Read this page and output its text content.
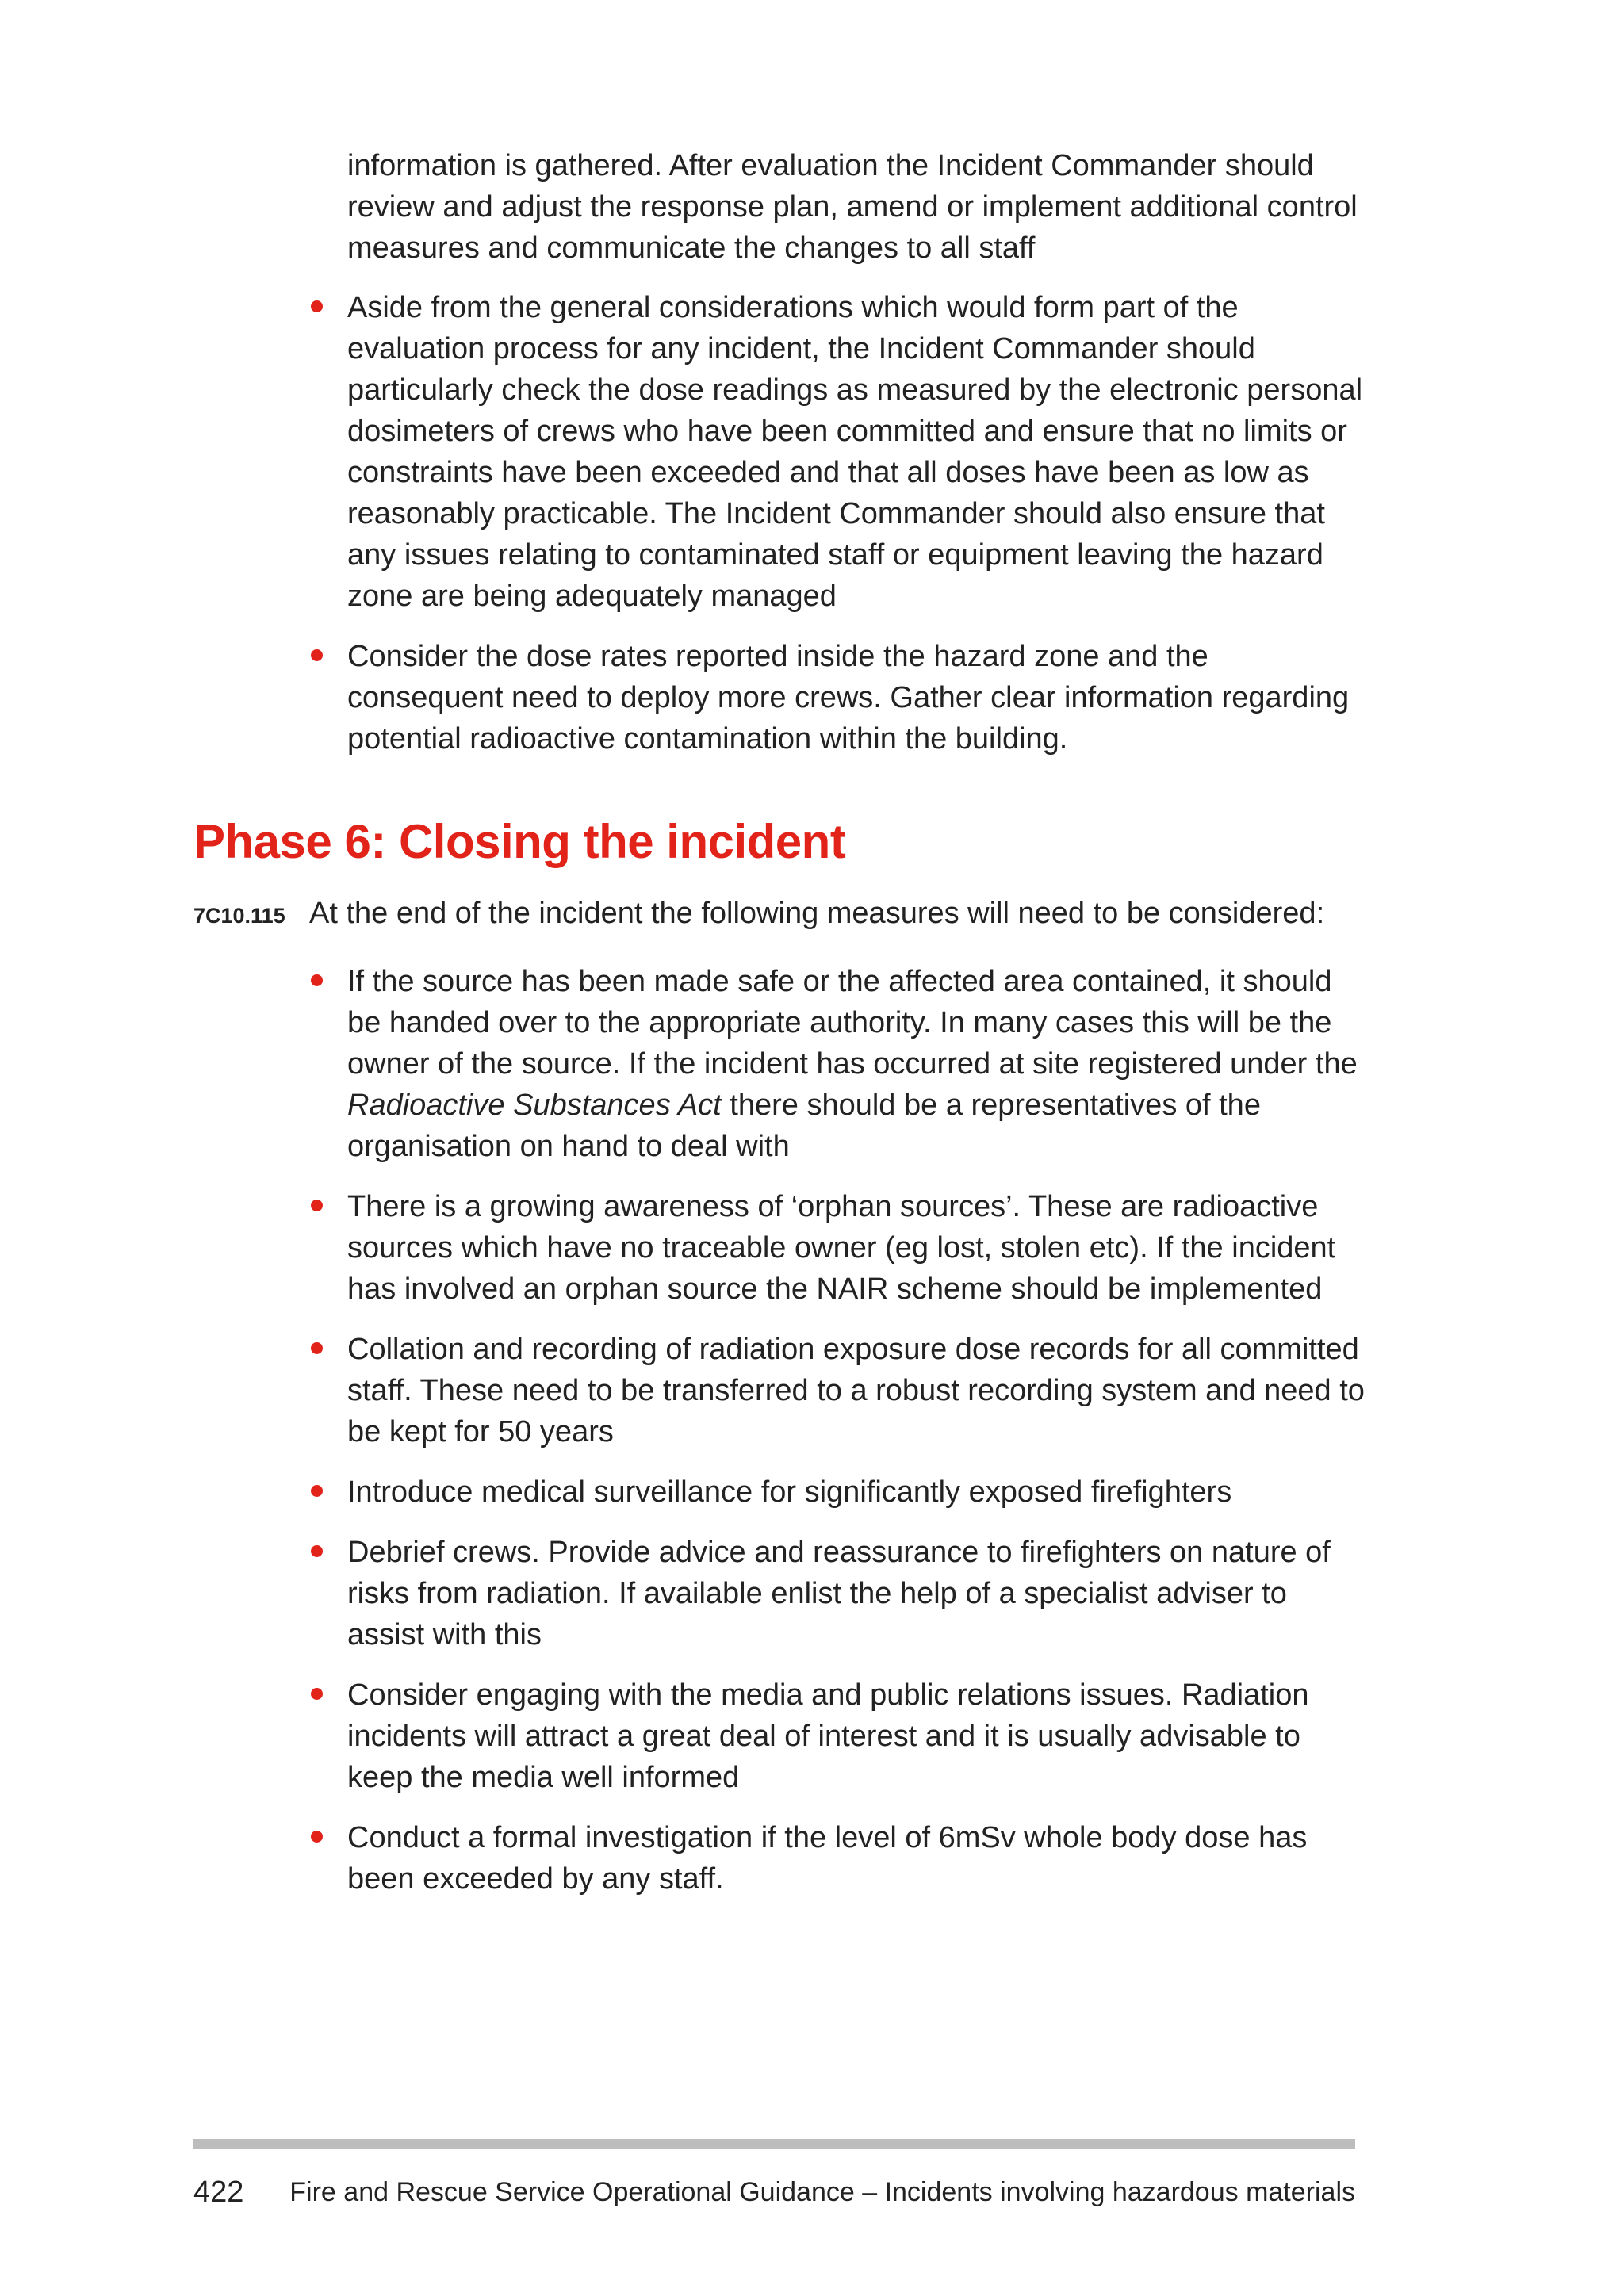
information is gathered. After evaluation the Incident Commander should review and adjust the response plan, amend or implement additional control measures and communicate the changes to all staff
Aside from the general considerations which would form part of the evaluation process for any incident, the Incident Commander should particularly check the dose readings as measured by the electronic personal dosimeters of crews who have been committed and ensure that no limits or constraints have been exceeded and that all doses have been as low as reasonably practicable. The Incident Commander should also ensure that any issues relating to contaminated staff or equipment leaving the hazard zone are being adequately managed
Consider the dose rates reported inside the hazard zone and the consequent need to deploy more crews. Gather clear information regarding potential radioactive contamination within the building.
Phase 6: Closing the incident
7C10.115 At the end of the incident the following measures will need to be considered:
If the source has been made safe or the affected area contained, it should be handed over to the appropriate authority. In many cases this will be the owner of the source. If the incident has occurred at site registered under the Radioactive Substances Act there should be a representatives of the organisation on hand to deal with
There is a growing awareness of ‘orphan sources’. These are radioactive sources which have no traceable owner (eg lost, stolen etc). If the incident has involved an orphan source the NAIR scheme should be implemented
Collation and recording of radiation exposure dose records for all committed staff. These need to be transferred to a robust recording system and need to be kept for 50 years
Introduce medical surveillance for significantly exposed firefighters
Debrief crews. Provide advice and reassurance to firefighters on nature of risks from radiation. If available enlist the help of a specialist adviser to assist with this
Consider engaging with the media and public relations issues. Radiation incidents will attract a great deal of interest and it is usually advisable to keep the media well informed
Conduct a formal investigation if the level of 6mSv whole body dose has been exceeded by any staff.
422 Fire and Rescue Service Operational Guidance – Incidents involving hazardous materials
